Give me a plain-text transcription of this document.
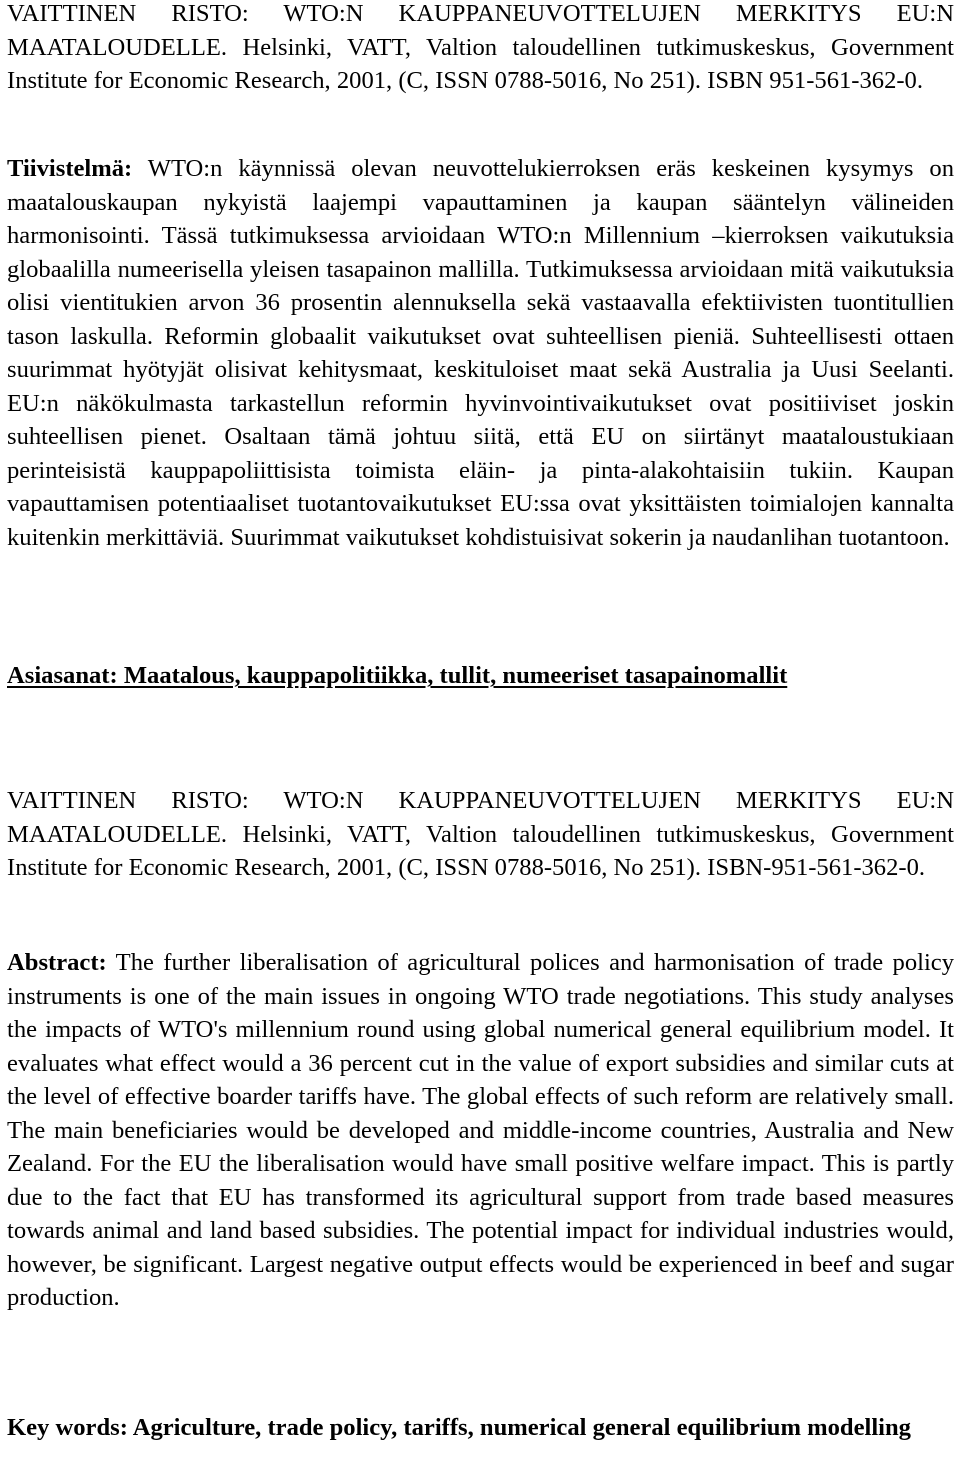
VAITTINEN RISTO: WTO:N KAUPPANEUVOTTELUJEN MERKITYS EU:N MAATALOUDELLE. Helsinki, VATT, Valtion taloudellinen tutkimuskeskus, Government Institute for Economic Research, 2001, (C, ISSN 0788-5016, No 251). ISBN 951-561-362-0.

Tiivistelmä: WTO:n käynnissä olevan neuvottelukierroksen eräs keskeinen kysymys on maatalouskaupan nykyistä laajempi vapauttaminen ja kaupan sääntelyn välineiden harmonisointi. Tässä tutkimuksessa arvioidaan WTO:n Millennium –kierroksen vaikutuksia globaalilla numeerisella yleisen tasapainon mallilla. Tutkimuksessa arvioidaan mitä vaikutuksia olisi vientitukien arvon 36 prosentin alennuksella sekä vastaavalla efektiivisten tuontitullien tason laskulla. Reformin globaalit vaikutukset ovat suhteellisen pieniä. Suhteellisesti ottaen suurimmat hyötyjät olisivat kehitysmaat, keskituloiset maat sekä Australia ja Uusi Seelanti. EU:n näkökulmasta tarkastellun reformin hyvinvointivaikutukset ovat positiiviset joskin suhteellisen pienet. Osaltaan tämä johtuu siitä, että EU on siirtänyt maataloustukiaan perinteisistä kauppapoliittisista toimista eläin- ja pinta-alakohtaisiin tukiin. Kaupan vapauttamisen potentiaaliset tuotantovaikutukset EU:ssa ovat yksittäisten toimialojen kannalta kuitenkin merkittäviä. Suurimmat vaikutukset kohdistuisivat sokerin ja naudanlihan tuotantoon.

Asiasanat: Maatalous, kauppapolitiikka, tullit, numeeriset tasapainomallit

VAITTINEN RISTO: WTO:N KAUPPANEUVOTTELUJEN MERKITYS EU:N MAATALOUDELLE. Helsinki, VATT, Valtion taloudellinen tutkimuskeskus, Government Institute for Economic Research, 2001, (C, ISSN 0788-5016, No 251). ISBN-951-561-362-0.

Abstract: The further liberalisation of agricultural polices and harmonisation of trade policy instruments is one of the main issues in ongoing WTO trade negotiations. This study analyses the impacts of WTO's millennium round using global numerical general equilibrium model. It evaluates what effect would a 36 percent cut in the value of export subsidies and similar cuts at the level of effective boarder tariffs have. The global effects of such reform are relatively small. The main beneficiaries would be developed and middle-income countries, Australia and New Zealand. For the EU the liberalisation would have small positive welfare impact. This is partly due to the fact that EU has transformed its agricultural support from trade based measures towards animal and land based subsidies. The potential impact for individual industries would, however, be significant. Largest negative output effects would be experienced in beef and sugar production.

Key words: Agriculture, trade policy, tariffs, numerical general equilibrium modelling
